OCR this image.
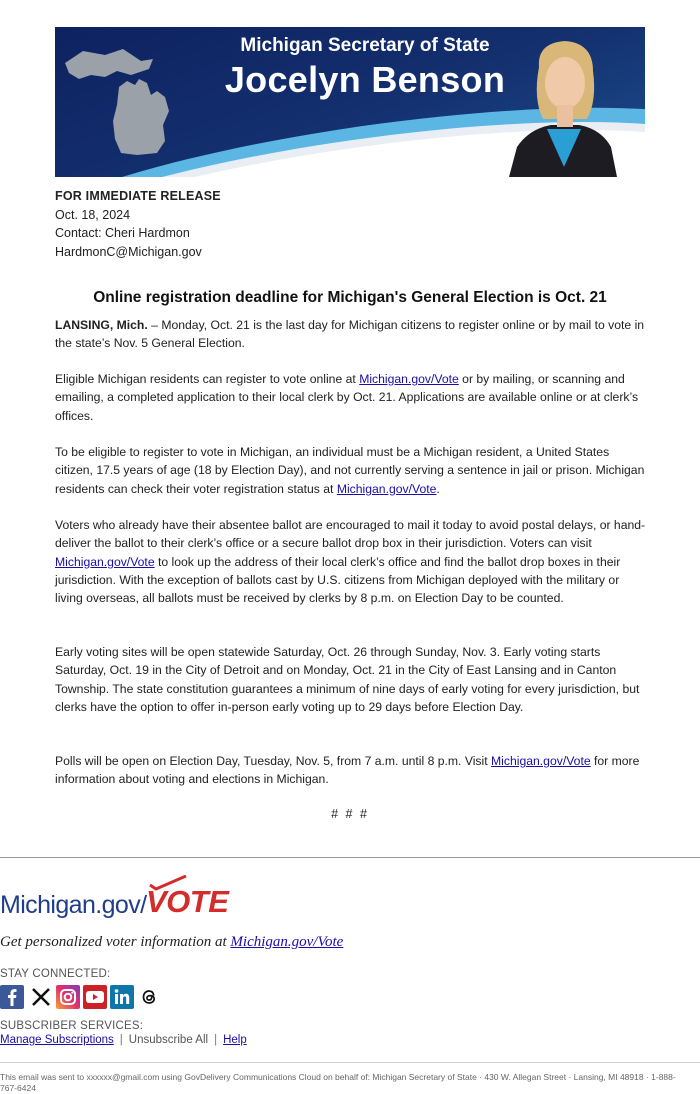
Michigan Secretary of State
Jocelyn Benson
FOR IMMEDIATE RELEASE
Oct. 18, 2024
Contact: Cheri Hardmon
HardmonC@Michigan.gov
Online registration deadline for Michigan's General Election is Oct. 21

LANSING, Mich. – Monday, Oct. 21 is the last day for Michigan citizens to register online or by mail to vote in the state’s Nov. 5 General Election.

Eligible Michigan residents can register to vote online at Michigan.gov/Vote or by mailing, or scanning and emailing, a completed application to their local clerk by Oct. 21. Applications are available online or at clerk’s offices.

To be eligible to register to vote in Michigan, an individual must be a Michigan resident, a United States citizen, 17.5 years of age (18 by Election Day), and not currently serving a sentence in jail or prison. Michigan residents can check their voter registration status at Michigan.gov/Vote.

Voters who already have their absentee ballot are encouraged to mail it today to avoid postal delays, or hand-deliver the ballot to their clerk’s office or a secure ballot drop box in their jurisdiction. Voters can visit Michigan.gov/Vote to look up the address of their local clerk’s office and find the ballot drop boxes in their jurisdiction. With the exception of ballots cast by U.S. citizens from Michigan deployed with the military or living overseas, all ballots must be received by clerks by 8 p.m. on Election Day to be counted.

Early voting sites will be open statewide Saturday, Oct. 26 through Sunday, Nov. 3. Early voting starts Saturday, Oct. 19 in the City of Detroit and on Monday, Oct. 21 in the City of East Lansing and in Canton Township. The state constitution guarantees a minimum of nine days of early voting for every jurisdiction, but clerks have the option to offer in-person early voting up to 29 days before Election Day.

Polls will be open on Election Day, Tuesday, Nov. 5, from 7 a.m. until 8 p.m. Visit Michigan.gov/Vote for more information about voting and elections in Michigan.

# # #
Michigan.gov/ VOTE
Get personalized voter information at Michigan.gov/Vote
STAY CONNECTED:
SUBSCRIBER SERVICES:
Manage Subscriptions | Unsubscribe All | Help
This email was sent to xxxxxx@gmail.com using GovDelivery Communications Cloud on behalf of: Michigan Secretary of State · 430 W. Allegan Street · Lansing, MI 48918 · 1-888-767-6424
